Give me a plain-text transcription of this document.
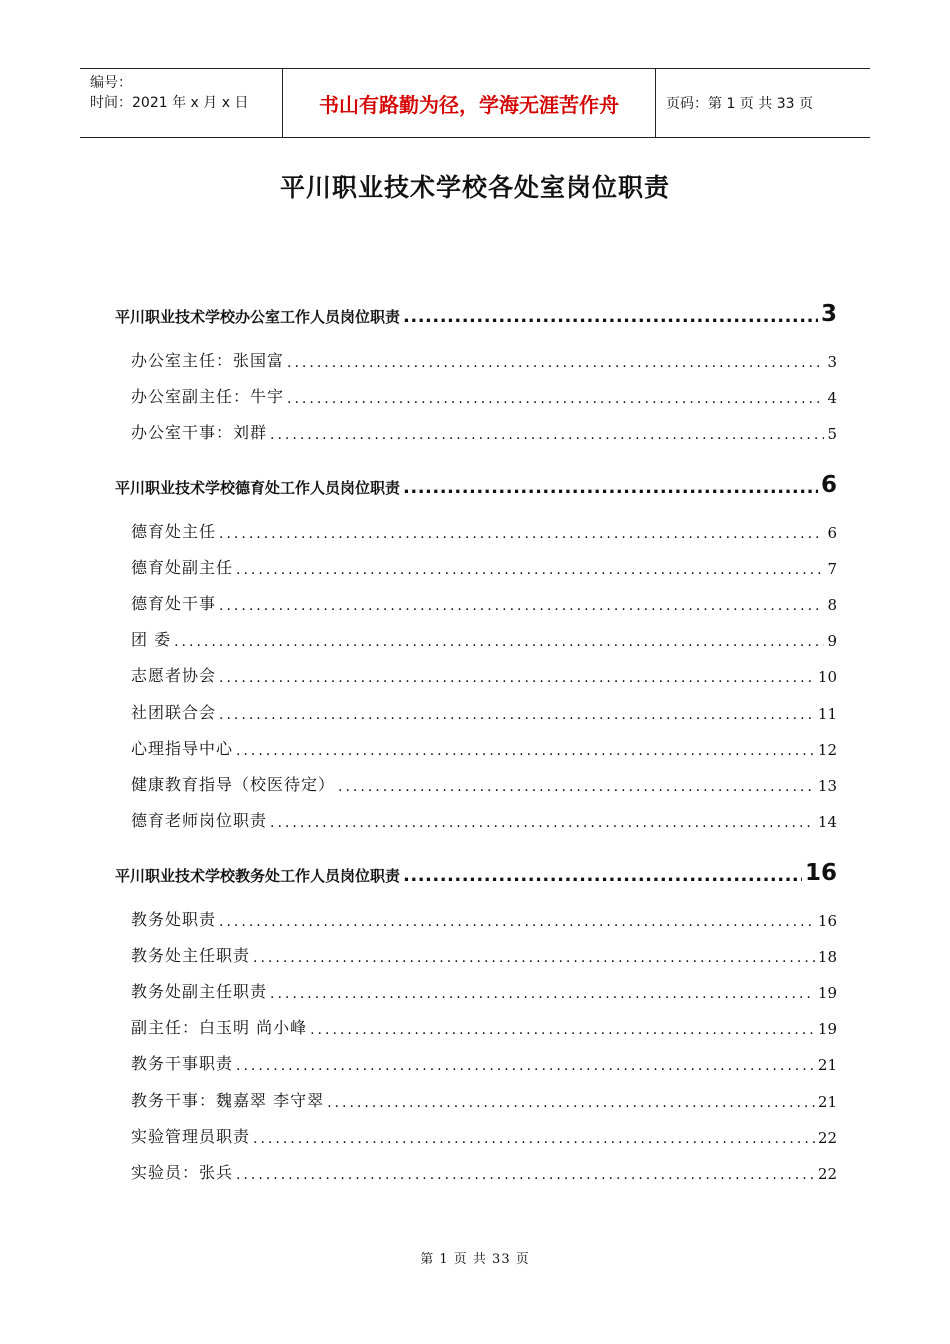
编号：
时间：2021 年 x 月 x 日	书山有路勤为径，学海无涯苦作舟	页码：第 1 页 共 33 页
平川职业技术学校各处室岗位职责
平川职业技术学校办公室工作人员岗位职责 .....	3
办公室主任：张国富 .....	3
办公室副主任：牛宇 .....	4
办公室干事：刘群 .....	5
平川职业技术学校德育处工作人员岗位职责 .....	6
德育处主任 .....	6
德育处副主任 .....	7
德育处干事 .....	8
团 委 .....	9
志愿者协会 .....	10
社团联合会 .....	11
心理指导中心 .....	12
健康教育指导（校医待定） .....	13
德育老师岗位职责 .....	14
平川职业技术学校教务处工作人员岗位职责 .....	16
教务处职责 .....	16
教务处主任职责 .....	18
教务处副主任职责 .....	19
副主任：白玉明 尚小峰 .....	19
教务干事职责 .....	21
教务干事：魏嘉翠 李守翠 .....	21
实验管理员职责 .....	22
实验员：张兵 .....	22
第 1 页 共 33 页
